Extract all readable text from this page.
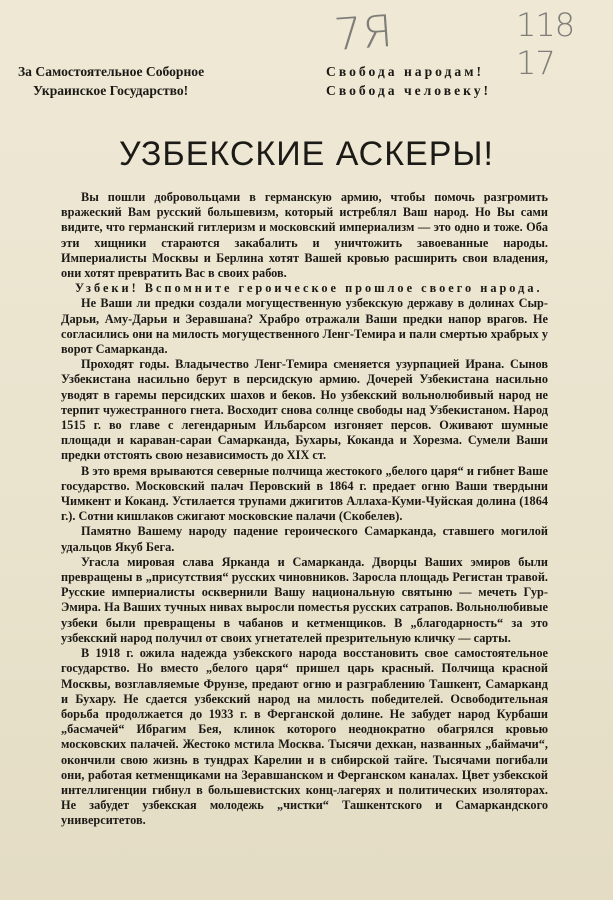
7Я	118 17
За Самостоятельное Соборное
Украинское Государство!
Свобода народам!
Свобода человеку!
УЗБЕКСКИЕ АСКЕРЫ!

Вы пошли добровольцами в германскую армию, чтобы помочь разгромить вражеский Вам русский большевизм, который истреблял Ваш народ. Но Вы сами видите, что германский гитлеризм и московский империализм — это одно и тоже. Оба эти хищники стараются закабалить и уничтожить завоеванные народы. Империалисты Москвы и Берлина хотят Вашей кровью расширить свои владения, они хотят превратить Вас в своих рабов.

Узбеки! Вспомните героическое прошлое своего народа.

Не Ваши ли предки создали могущественную узбекскую державу в долинах Сыр-Дарьи, Аму-Дарьи и Зеравшана? Храбро отражали Ваши предки напор врагов. Не согласились они на милость могущественного Ленг-Темира и пали смертью храбрых у ворот Самарканда.

Проходят годы. Владычество Ленг-Темира сменяется узурпацией Ирана. Сынов Узбекистана насильно берут в персидскую армию. Дочерей Узбекистана насильно уводят в гаремы персидских шахов и беков. Но узбекский вольнолюбивый народ не терпит чужестранного гнета. Восходит снова солнце свободы над Узбекистаном. Народ 1515 г. во главе с легендарным Ильбарсом изгоняет персов. Оживают шумные площади и караван-сараи Самарканда, Бухары, Коканда и Хорезма. Сумели Ваши предки отстоять свою независимость до XIX ст.

В это время врываются северные полчища жестокого „белого царя“ и гибнет Ваше государство. Московский палач Перовский в 1864 г. предает огню Ваши твердыни Чимкент и Коканд. Устилается трупами джигитов Аллаха-Куми-Чуйская долина (1864 г.). Сотни кишлаков сжигают московские палачи (Скобелев).

Памятно Вашему народу падение героического Самарканда, ставшего могилой удальцов Якуб Бега.

Угасла мировая слава Ярканда и Самарканда. Дворцы Ваших эмиров были превращены в „присутствия“ русских чиновников. Заросла площадь Регистан травой. Русские империалисты осквернили Вашу национальную святыню — мечеть Гур-Эмира. На Ваших тучных нивах выросли поместья русских сатрапов. Вольнолюбивые узбеки были превращены в чабанов и кетменщиков. В „благодарность“ за это узбекский народ получил от своих угнетателей презрительную кличку — сарты.

В 1918 г. ожила надежда узбекского народа восстановить свое самостоятельное государство. Но вместо „белого царя“ пришел царь красный. Полчища красной Москвы, возглавляемые Фрунзе, предают огню и разграблению Ташкент, Самарканд и Бухару. Не сдается узбекский народ на милость победителей. Освободительная борьба продолжается до 1933 г. в Ферганской долине. Не забудет народ Курбаши „басмачей“ Ибрагим Бея, клинок которого неоднократно обагрялся кровью московских палачей. Жестоко мстила Москва. Тысячи дехкан, названных „баймачи“, окончили свою жизнь в тундрах Карелии и в сибирской тайге. Тысячами погибали они, работая кетменщиками на Зеравшанском и Ферганском каналах. Цвет узбекской интеллигенции гибнул в большевистских конц-лагерях и политических изоляторах. Не забудет узбекская молодежь „чистки“ Ташкентского и Самаркандского университетов.
